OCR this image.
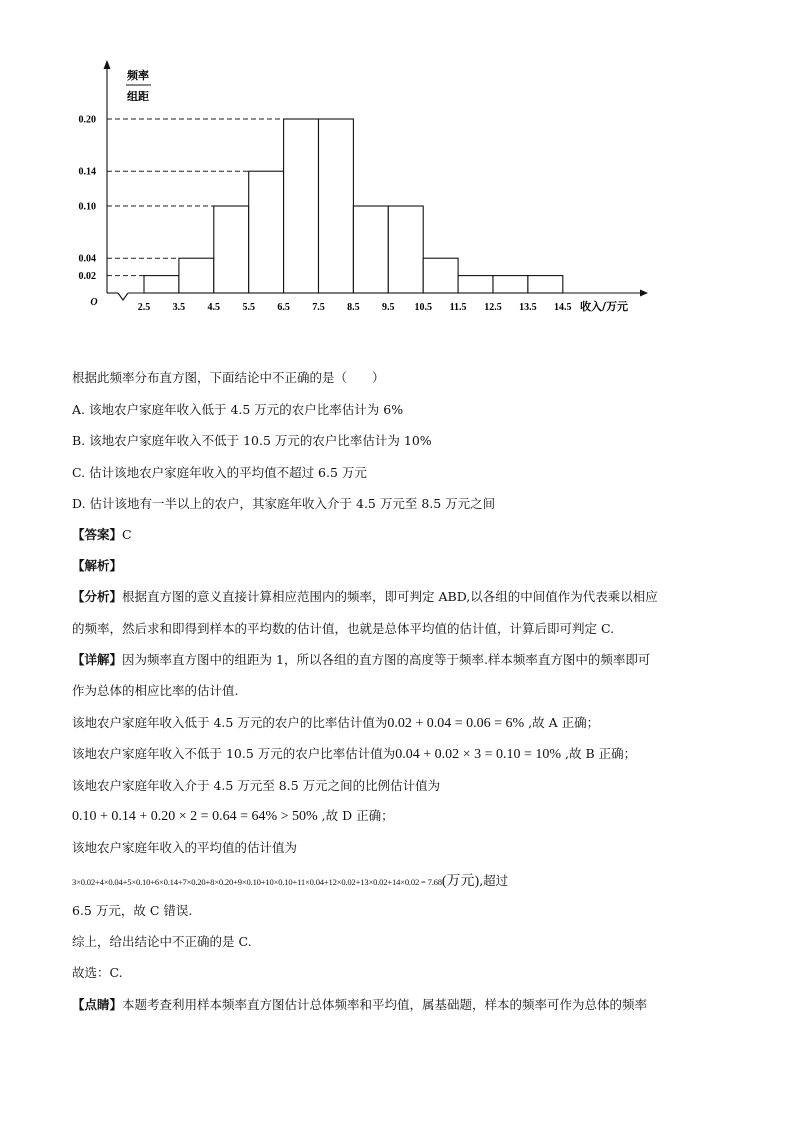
0.02
0.04
0.10
0.14
0.20
2.5 3.5 4.5 5.5 6.5 7.5 8.5 9.5 10.5 11.5 12.5 13.5 14.5
O
频率
组距
收入/万元
根据此频率分布直方图，下面结论中不正确的是（　　）
A. 该地农户家庭年收入低于 4.5 万元的农户比率估计为 6%
B. 该地农户家庭年收入不低于 10.5 万元的农户比率估计为 10%
C. 估计该地农户家庭年收入的平均值不超过 6.5 万元
D. 估计该地有一半以上的农户，其家庭年收入介于 4.5 万元至 8.5 万元之间
【答案】C
【解析】
【分析】根据直方图的意义直接计算相应范围内的频率，即可判定 ABD,以各组的中间值作为代表乘以相应
的频率，然后求和即得到样本的平均数的估计值，也就是总体平均值的估计值，计算后即可判定 C.
【详解】因为频率直方图中的组距为 1，所以各组的直方图的高度等于频率.样本频率直方图中的频率即可
作为总体的相应比率的估计值.
该地农户家庭年收入低于 4.5 万元的农户的比率估计值为0.02 + 0.04 = 0.06 = 6% ,故 A 正确；
该地农户家庭年收入不低于 10.5 万元的农户比率估计值为0.04 + 0.02 × 3 = 0.10 = 10% ,故 B 正确；
该地农户家庭年收入介于 4.5 万元至 8.5 万元之间的比例估计值为
0.10 + 0.14 + 0.20 × 2 = 0.64 = 64% > 50% ,故 D 正确；
该地农户家庭年收入的平均值的估计值为
3×0.02+4×0.04+5×0.10+6×0.14+7×0.20+8×0.20+9×0.10+10×0.10+11×0.04+12×0.02+13×0.02+14×0.02 = 7.68(万元),超过
6.5 万元，故 C 错误.
综上，给出结论中不正确的是 C.
故选：C.
【点睛】本题考查利用样本频率直方图估计总体频率和平均值，属基础题，样本的频率可作为总体的频率
